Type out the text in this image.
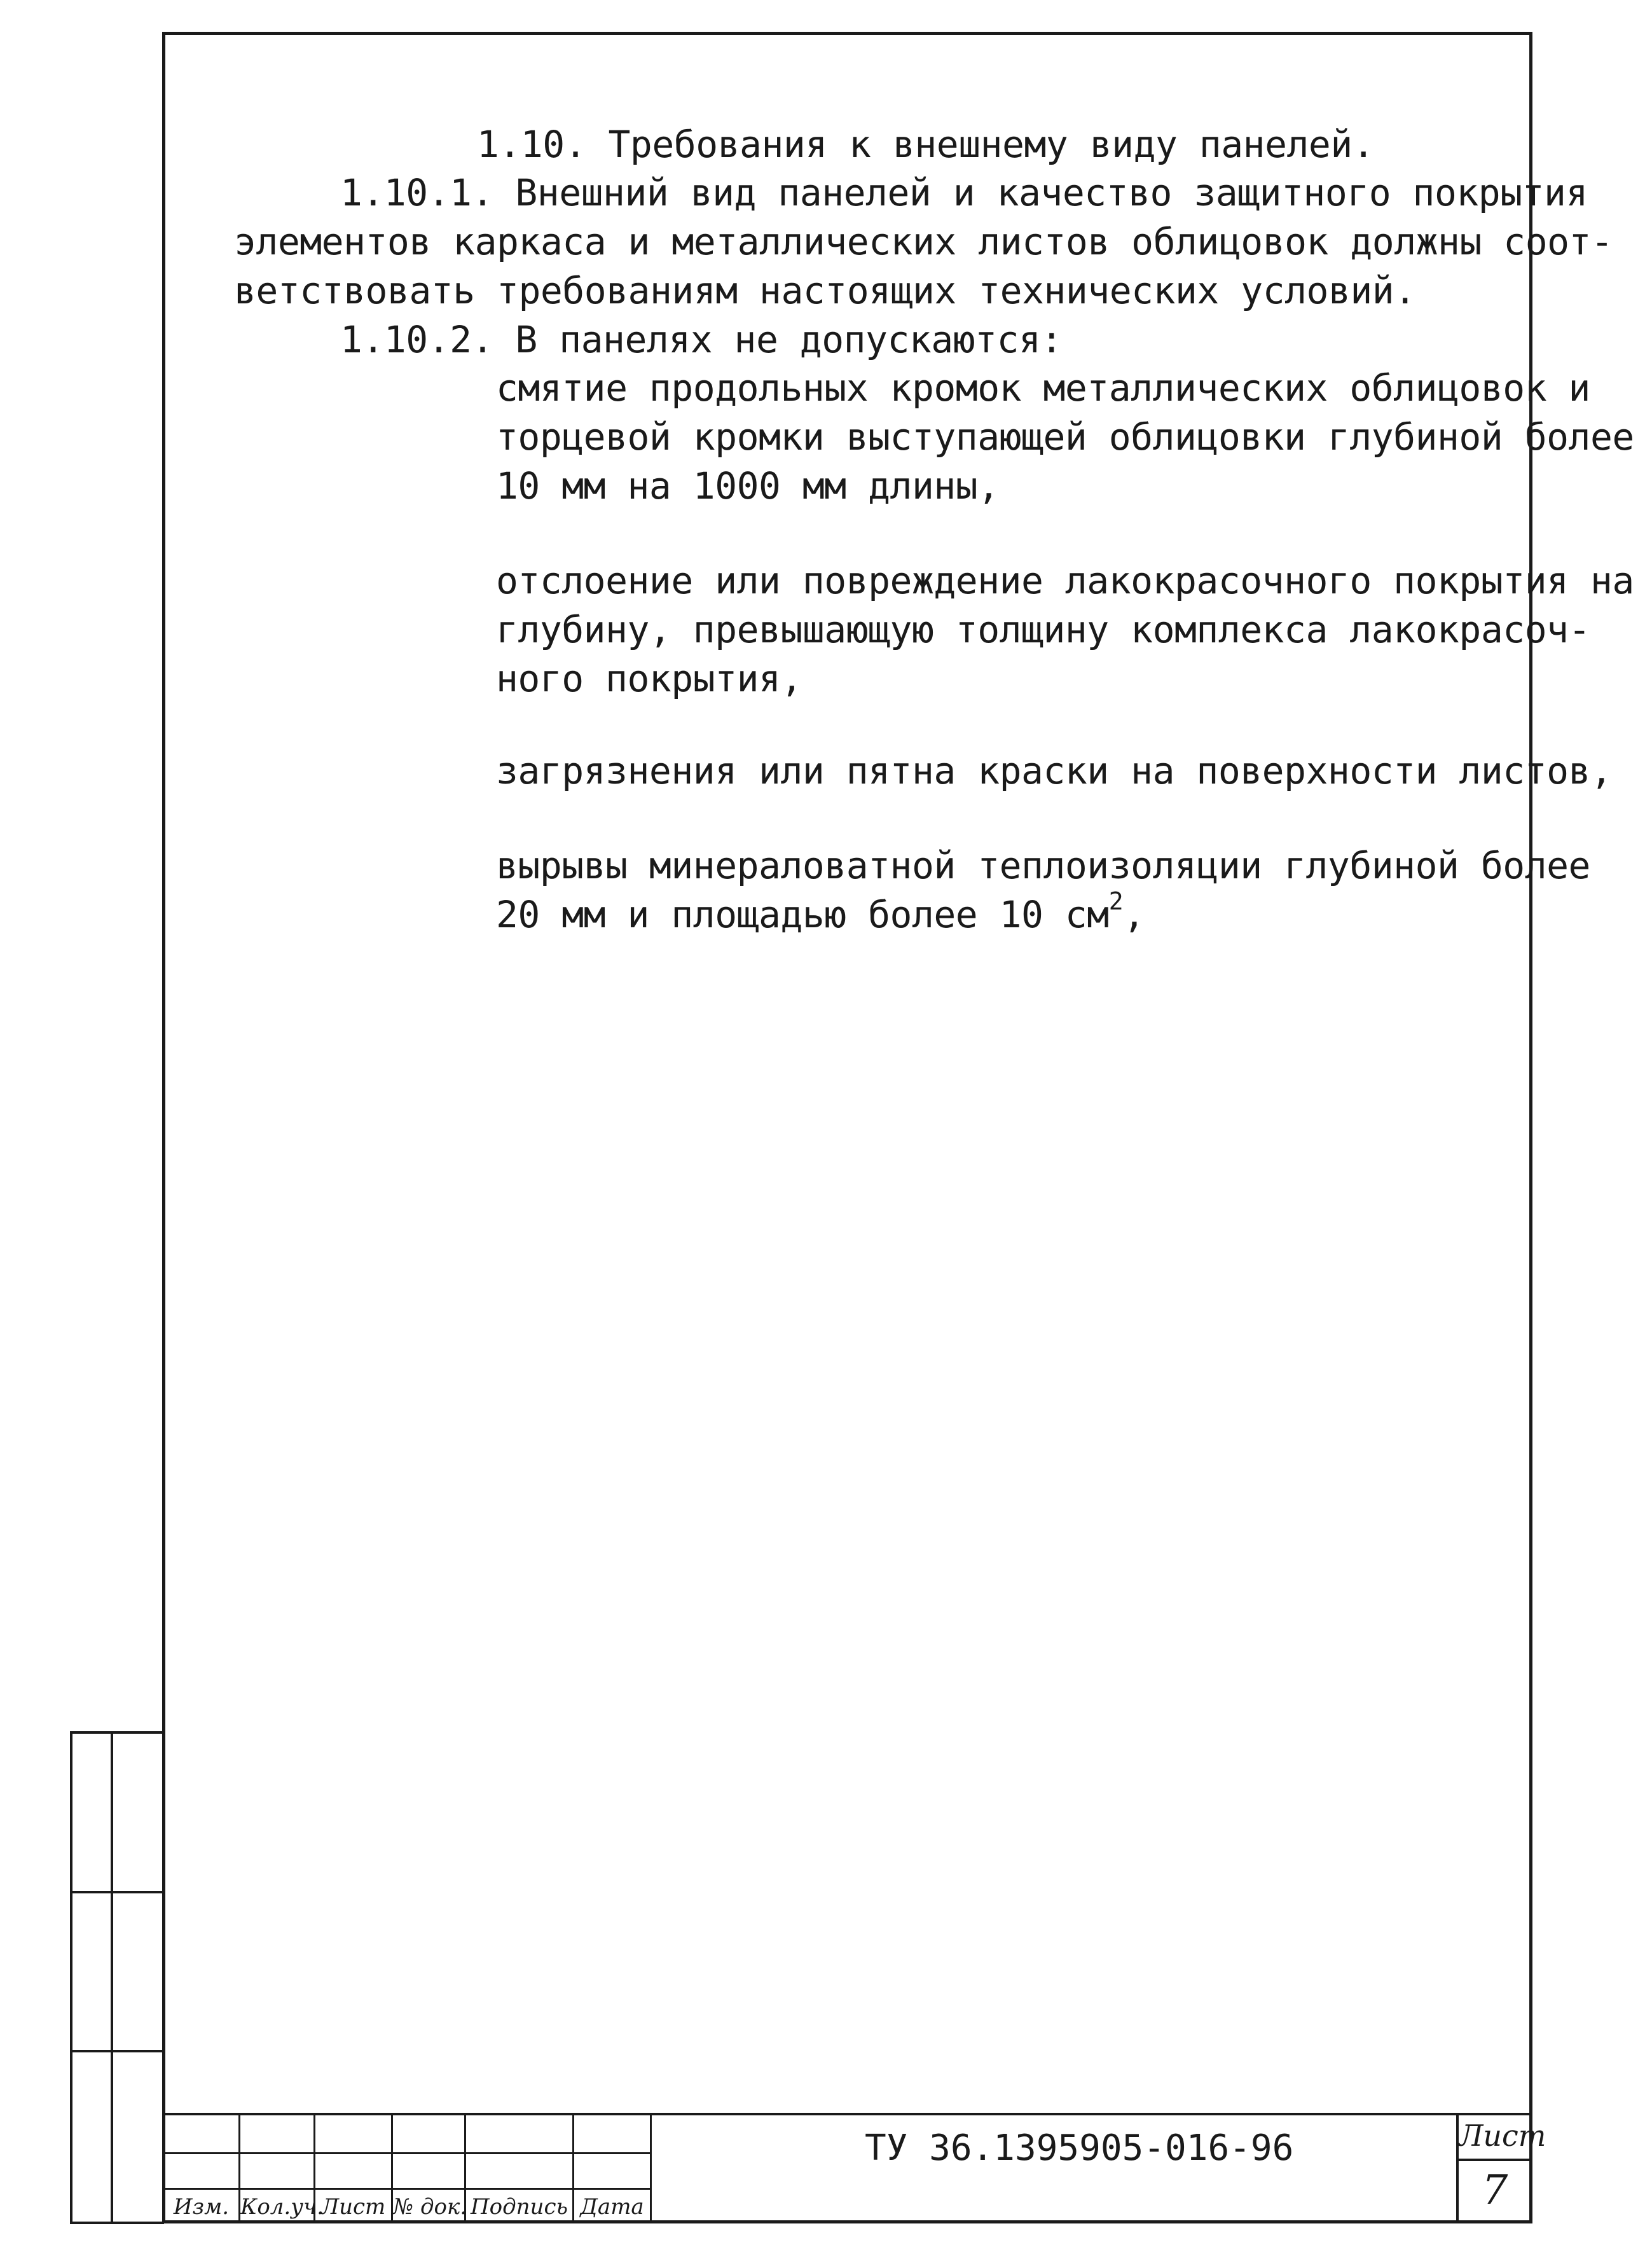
1.10. Требования к внешнему виду панелей.
1.10.1. Внешний вид панелей и качество защитного покрытия
элементов каркаса и металлических листов облицовок должны соот-
ветствовать требованиям настоящих технических условий.
1.10.2. В панелях не допускаются:
смятие продольных кромок металлических облицовок и
торцевой кромки выступающей облицовки глубиной более
10 мм на 1000 мм длины,
отслоение или повреждение лакокрасочного покрытия на
глубину, превышающую толщину комплекса лакокрасоч-
ного покрытия,
загрязнения или пятна краски на поверхности листов,
вырывы минераловатной теплоизоляции глубиной более
20 мм и площадью более 10 $см^2$,
Изм. Кол.уч.
Лист № док. Подпись Дата
ТУ 36.1395905-016-96	Лист
7
